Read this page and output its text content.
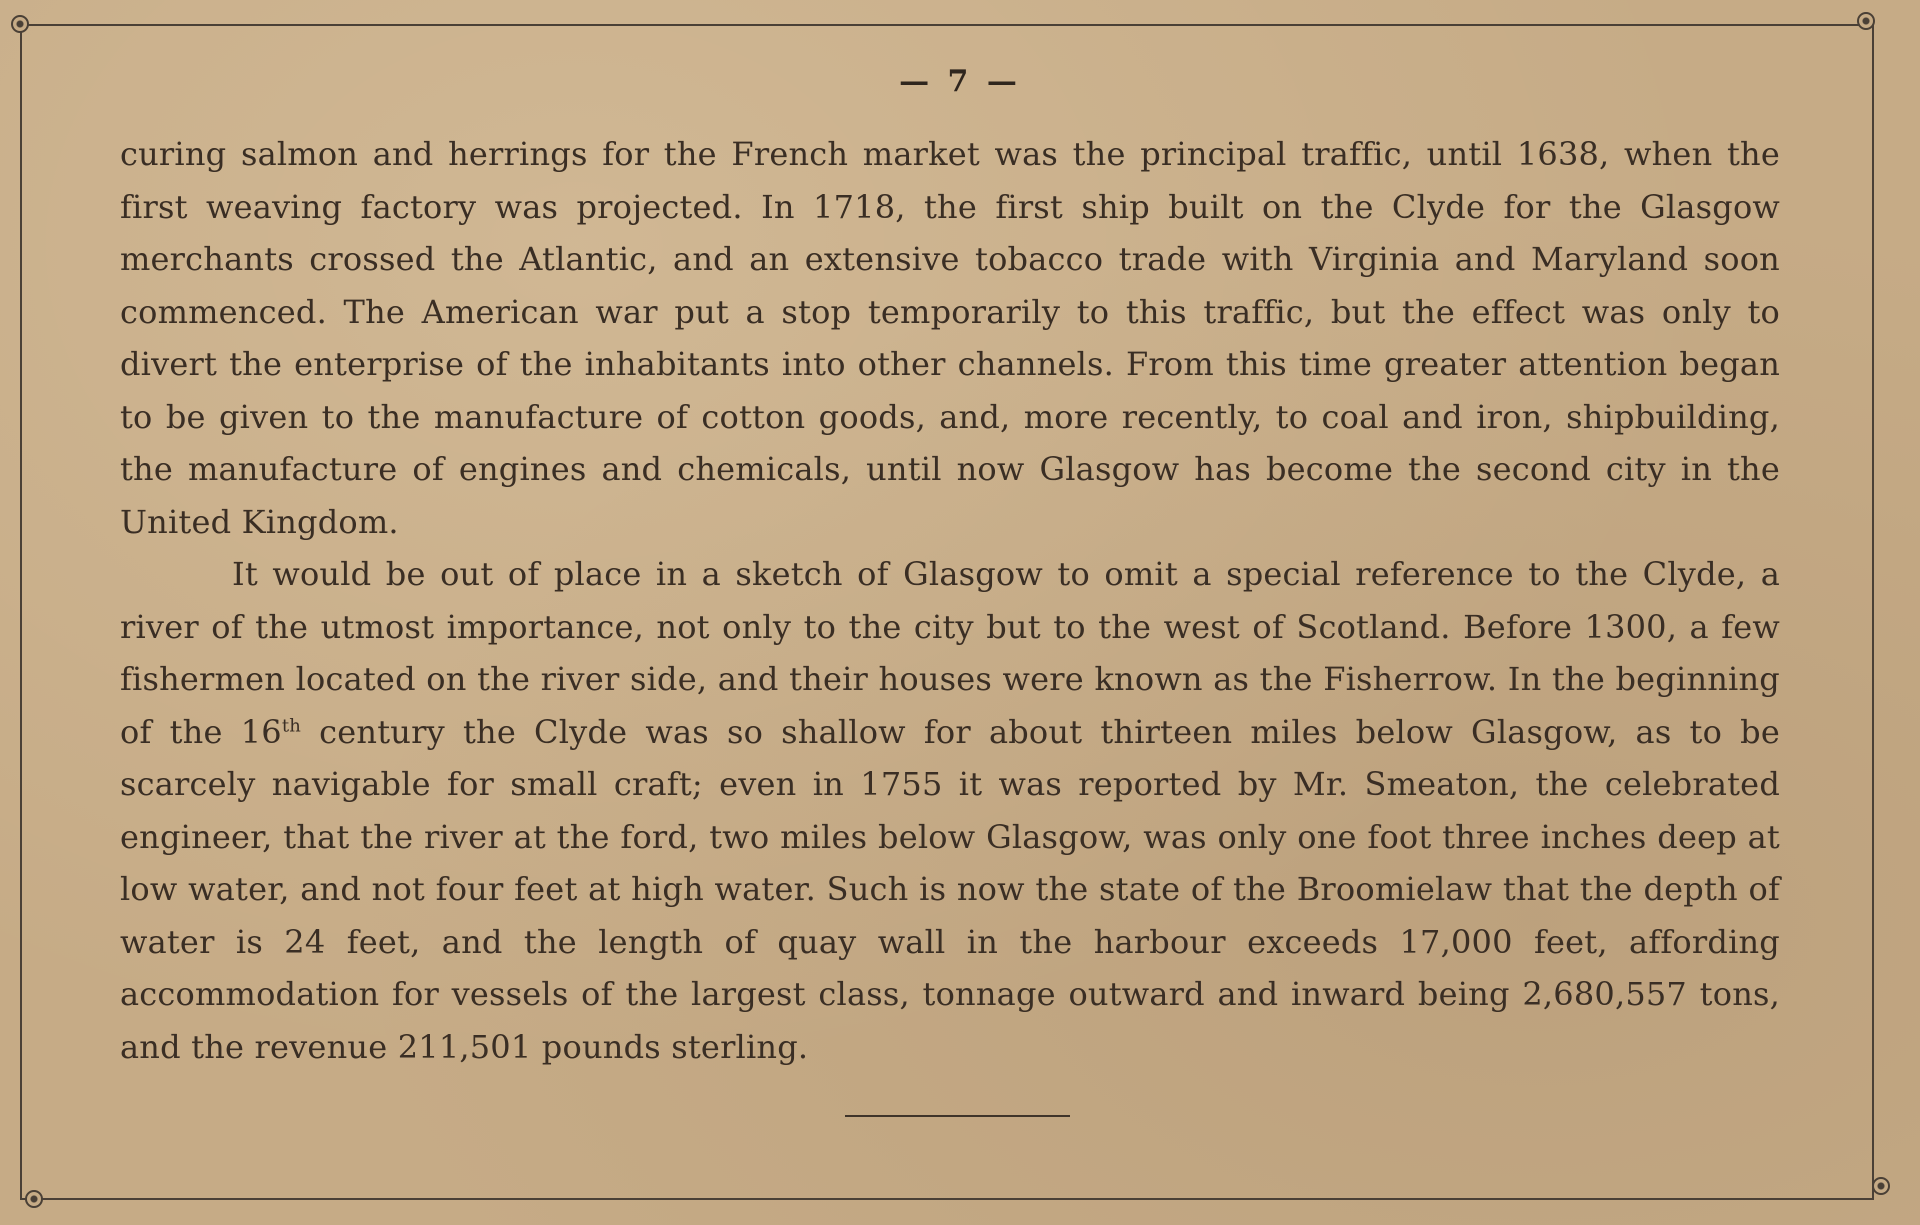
— 7 —

curing salmon and herrings for the French market was the principal traffic, until 1638, when the first weaving factory was projected. In 1718, the first ship built on the Clyde for the Glasgow merchants crossed the Atlantic, and an extensive tobacco trade with Virginia and Maryland soon commenced. The American war put a stop temporarily to this traffic, but the effect was only to divert the enterprise of the inhabitants into other channels. From this time greater attention began to be given to the manufacture of cotton goods, and, more recently, to coal and iron, shipbuilding, the manufacture of engines and chemicals, until now Glasgow has become the second city in the United Kingdom.

It would be out of place in a sketch of Glasgow to omit a special reference to the Clyde, a river of the utmost importance, not only to the city but to the west of Scotland. Before 1300, a few fishermen located on the river side, and their houses were known as the Fisherrow. In the beginning of the 16th century the Clyde was so shallow for about thirteen miles below Glasgow, as to be scarcely navigable for small craft; even in 1755 it was reported by Mr. Smeaton, the celebrated engineer, that the river at the ford, two miles below Glasgow, was only one foot three inches deep at low water, and not four feet at high water. Such is now the state of the Broomielaw that the depth of water is 24 feet, and the length of quay wall in the harbour exceeds 17,000 feet, affording accommodation for vessels of the largest class, tonnage outward and inward being 2,680,557 tons, and the revenue 211,501 pounds sterling.
